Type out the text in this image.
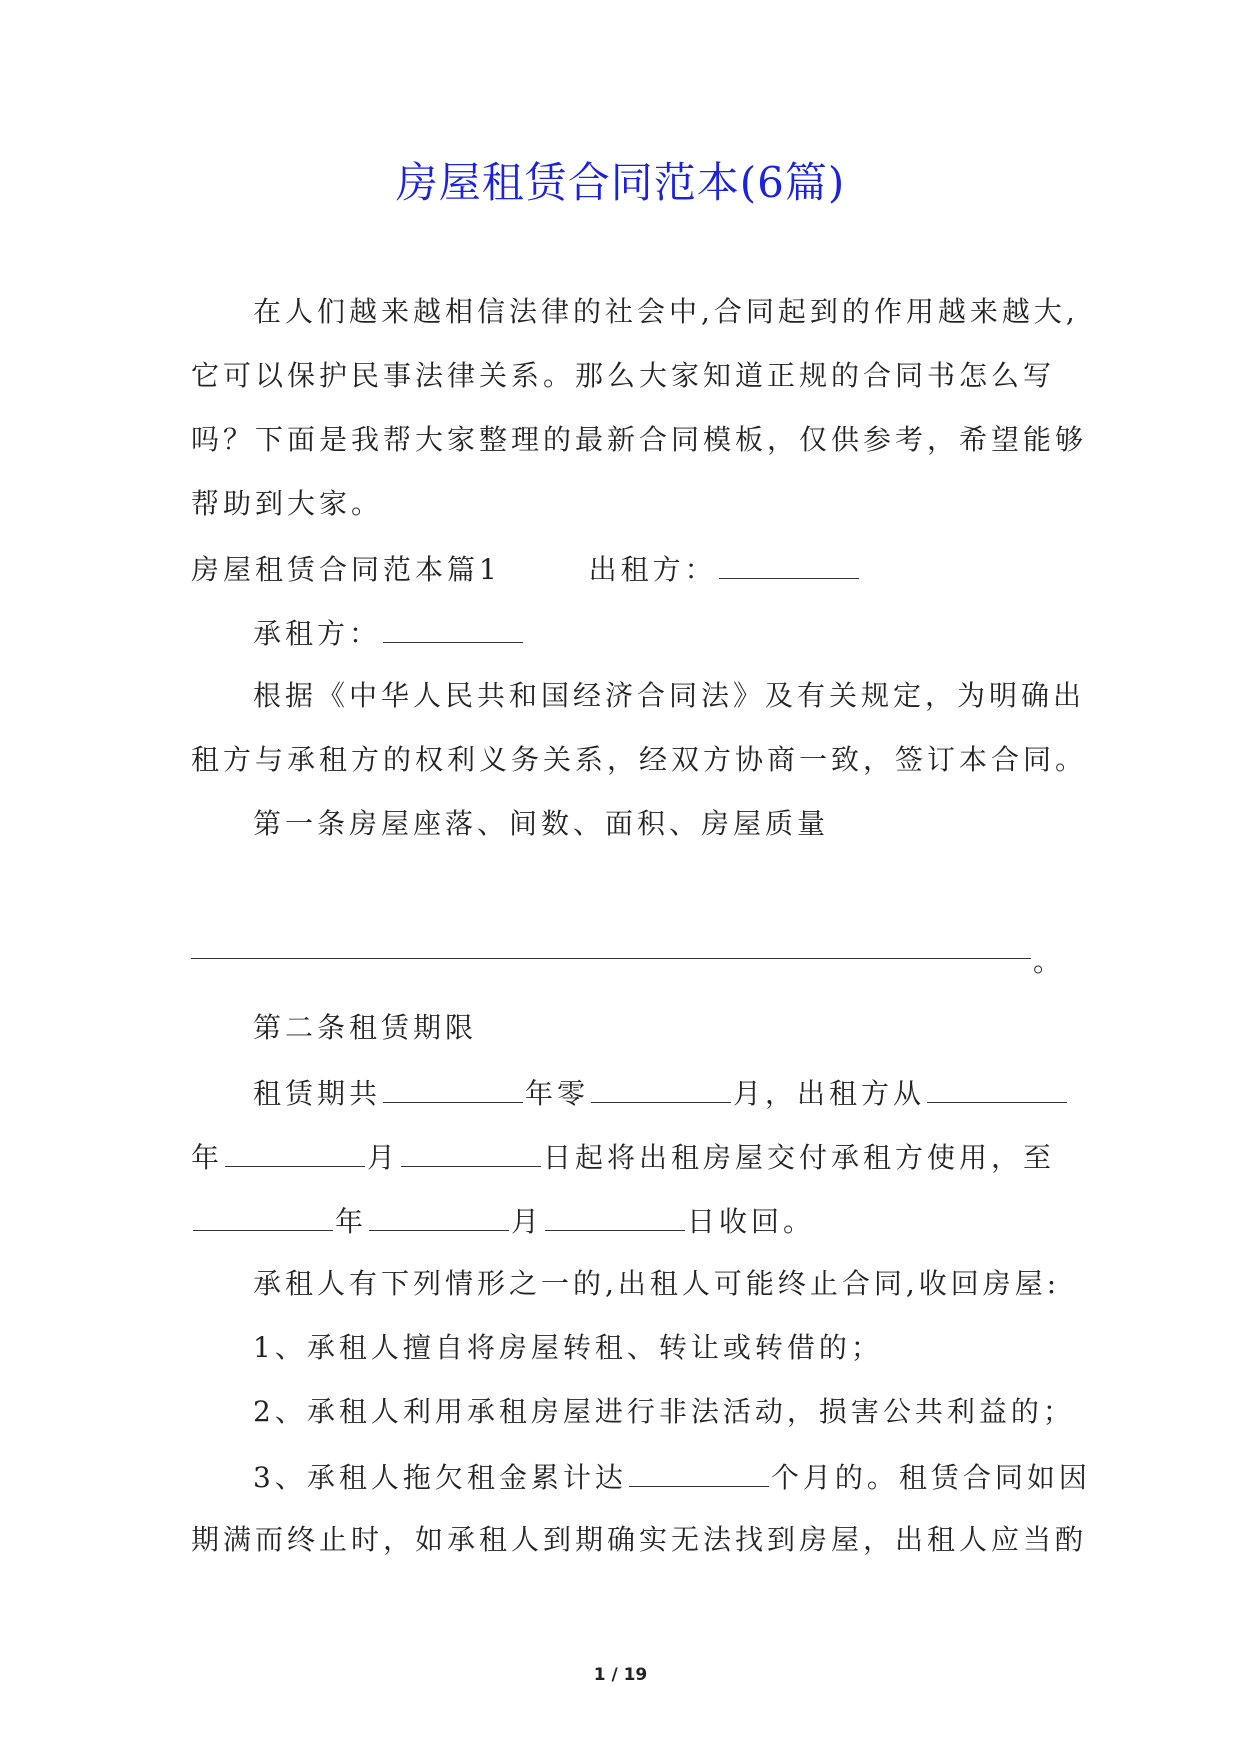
房屋租赁合同范本(6篇)
在人们越来越相信法律的社会中,合同起到的作用越来越大,
它可以保护民事法律关系。那么大家知道正规的合同书怎么写
吗？下面是我帮大家整理的最新合同模板，仅供参考，希望能够
帮助到大家。
房屋租赁合同范本篇1	出租方：
承租方：
根据《中华人民共和国经济合同法》及有关规定，为明确出
租方与承租方的权利义务关系，经双方协商一致，签订本合同。
第一条房屋座落、间数、面积、房屋质量
。
第二条租赁期限
租赁期共	年零	月，出租方从
年	月	日起将出租房屋交付承租方使用，至
年	月	日收回。
承租人有下列情形之一的,出租人可能终止合同,收回房屋:
1、承租人擅自将房屋转租、转让或转借的；
2、承租人利用承租房屋进行非法活动，损害公共利益的；
3、承租人拖欠租金累计达	个月的。租赁合同如因
期满而终止时，如承租人到期确实无法找到房屋，出租人应当酌
1 / 19
